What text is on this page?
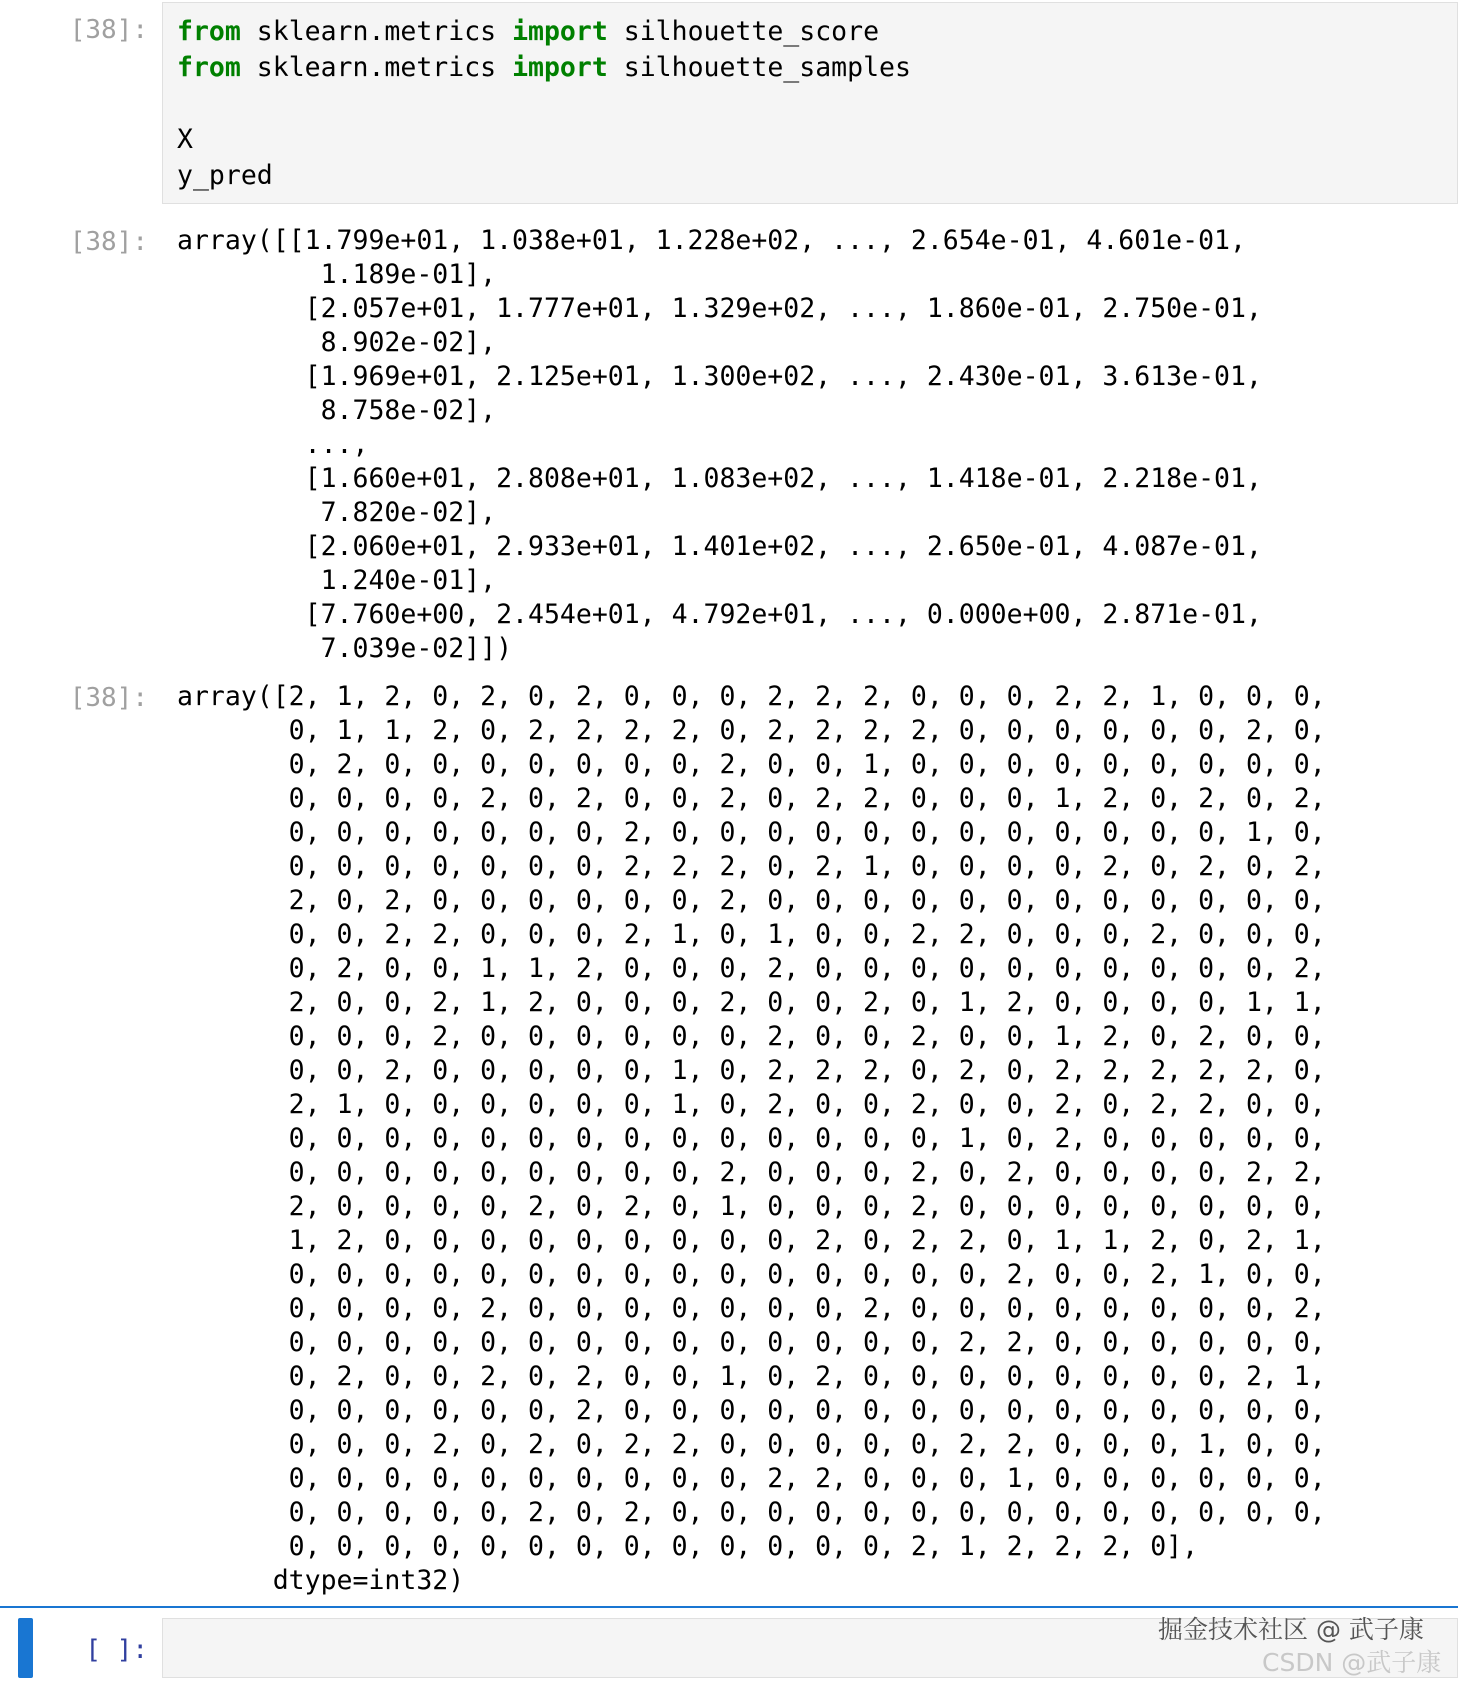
[38]: from sklearn.metrics import silhouette_score
from sklearn.metrics import silhouette_samples
X
y_pred
[38]: array([[1.799e+01, 1.038e+01, 1.228e+02, ..., 2.654e-01, 4.601e-01,
1.189e-01],
[2.057e+01, 1.777e+01, 1.329e+02, ..., 1.860e-01, 2.750e-01,
8.902e-02],
[1.969e+01, 2.125e+01, 1.300e+02, ..., 2.430e-01, 3.613e-01,
8.758e-02],
...,
[1.660e+01, 2.808e+01, 1.083e+02, ..., 1.418e-01, 2.218e-01,
7.820e-02],
[2.060e+01, 2.933e+01, 1.401e+02, ..., 2.650e-01, 4.087e-01,
1.240e-01],
[7.760e+00, 2.454e+01, 4.792e+01, ..., 0.000e+00, 2.871e-01,
7.039e-02]])
[38]: array([2, 1, 2, 0, 2, 0, 2, 0, 0, 0, 2, 2, 2, 0, 0, 0, 2, 2, 1, 0, 0, 0,
0, 1, 1, 2, 0, 2, 2, 2, 2, 0, 2, 2, 2, 2, 0, 0, 0, 0, 0, 0, 2, 0,
0, 2, 0, 0, 0, 0, 0, 0, 0, 2, 0, 0, 1, 0, 0, 0, 0, 0, 0, 0, 0, 0,
0, 0, 0, 0, 2, 0, 2, 0, 0, 2, 0, 2, 2, 0, 0, 0, 1, 2, 0, 2, 0, 2,
0, 0, 0, 0, 0, 0, 0, 2, 0, 0, 0, 0, 0, 0, 0, 0, 0, 0, 0, 0, 1, 0,
0, 0, 0, 0, 0, 0, 0, 2, 2, 2, 0, 2, 1, 0, 0, 0, 0, 2, 0, 2, 0, 2,
2, 0, 2, 0, 0, 0, 0, 0, 0, 2, 0, 0, 0, 0, 0, 0, 0, 0, 0, 0, 0, 0,
0, 0, 2, 2, 0, 0, 0, 2, 1, 0, 1, 0, 0, 2, 2, 0, 0, 0, 2, 0, 0, 0,
0, 2, 0, 0, 1, 1, 2, 0, 0, 0, 2, 0, 0, 0, 0, 0, 0, 0, 0, 0, 0, 2,
2, 0, 0, 2, 1, 2, 0, 0, 0, 2, 0, 0, 2, 0, 1, 2, 0, 0, 0, 0, 1, 1,
0, 0, 0, 2, 0, 0, 0, 0, 0, 0, 2, 0, 0, 2, 0, 0, 1, 2, 0, 2, 0, 0,
0, 0, 2, 0, 0, 0, 0, 0, 1, 0, 2, 2, 2, 0, 2, 0, 2, 2, 2, 2, 2, 0,
2, 1, 0, 0, 0, 0, 0, 0, 1, 0, 2, 0, 0, 2, 0, 0, 2, 0, 2, 2, 0, 0,
0, 0, 0, 0, 0, 0, 0, 0, 0, 0, 0, 0, 0, 0, 1, 0, 2, 0, 0, 0, 0, 0,
0, 0, 0, 0, 0, 0, 0, 0, 0, 2, 0, 0, 0, 2, 0, 2, 0, 0, 0, 0, 2, 2,
2, 0, 0, 0, 0, 2, 0, 2, 0, 1, 0, 0, 0, 2, 0, 0, 0, 0, 0, 0, 0, 0,
1, 2, 0, 0, 0, 0, 0, 0, 0, 0, 0, 2, 0, 2, 2, 0, 1, 1, 2, 0, 2, 1,
0, 0, 0, 0, 0, 0, 0, 0, 0, 0, 0, 0, 0, 0, 0, 2, 0, 0, 2, 1, 0, 0,
0, 0, 0, 0, 2, 0, 0, 0, 0, 0, 0, 0, 2, 0, 0, 0, 0, 0, 0, 0, 0, 2,
0, 0, 0, 0, 0, 0, 0, 0, 0, 0, 0, 0, 0, 0, 2, 2, 0, 0, 0, 0, 0, 0,
0, 2, 0, 0, 2, 0, 2, 0, 0, 1, 0, 2, 0, 0, 0, 0, 0, 0, 0, 0, 2, 1,
0, 0, 0, 0, 0, 0, 2, 0, 0, 0, 0, 0, 0, 0, 0, 0, 0, 0, 0, 0, 0, 0,
0, 0, 0, 2, 0, 2, 0, 2, 2, 0, 0, 0, 0, 0, 2, 2, 0, 0, 0, 1, 0, 0,
0, 0, 0, 0, 0, 0, 0, 0, 0, 0, 2, 2, 0, 0, 0, 1, 0, 0, 0, 0, 0, 0,
0, 0, 0, 0, 0, 2, 0, 2, 0, 0, 0, 0, 0, 0, 0, 0, 0, 0, 0, 0, 0, 0,
0, 0, 0, 0, 0, 0, 0, 0, 0, 0, 0, 0, 0, 2, 1, 2, 2, 2, 0],
dtype=int32)
[ ]:
掘金技术社区 @ 武子康
CSDN @武子康
